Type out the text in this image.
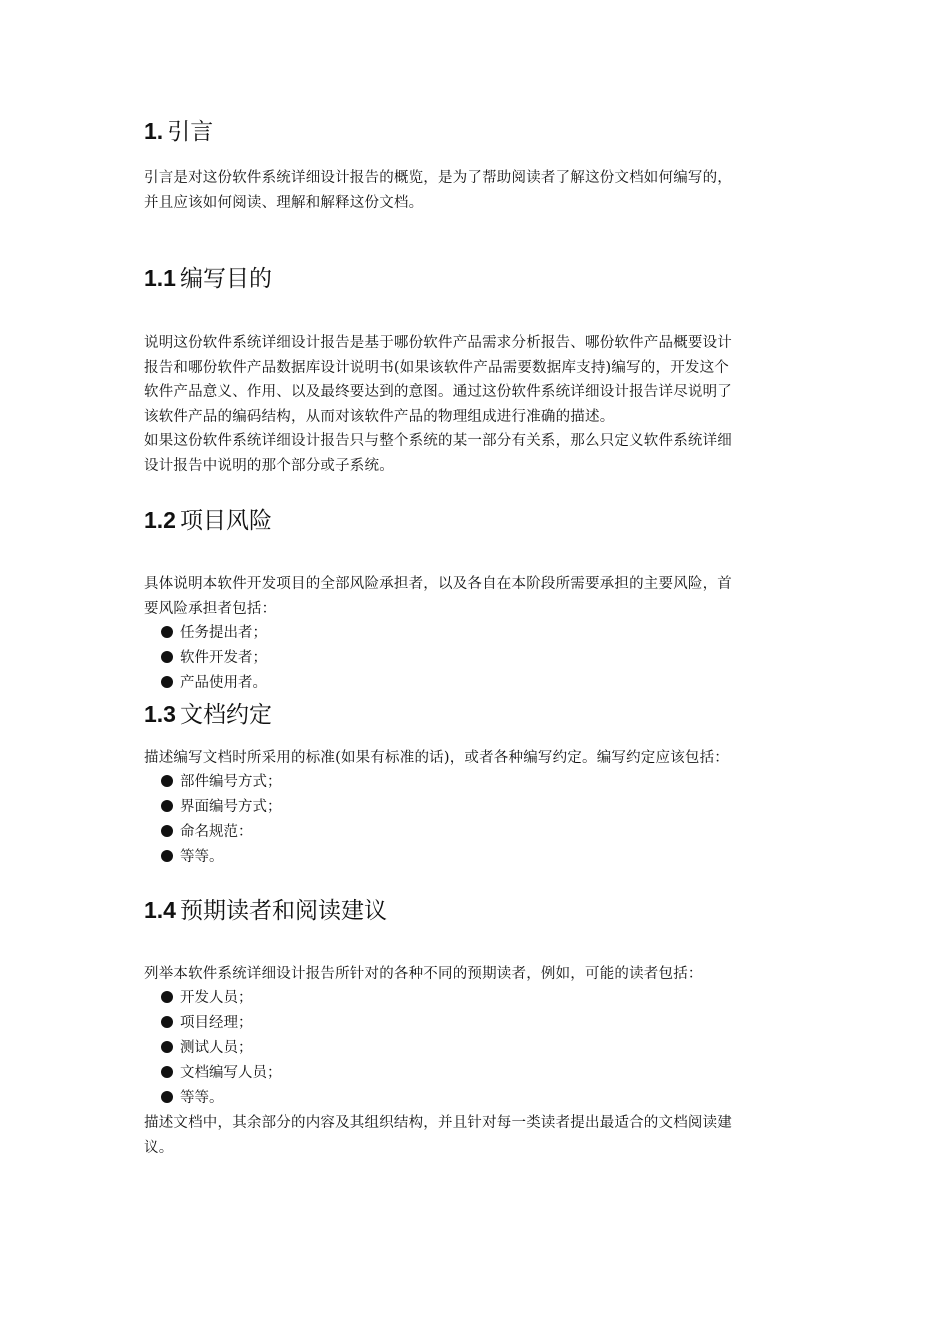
1. 引言

引言是对这份软件系统详细设计报告的概览，是为了帮助阅读者了解这份文档如何编写的，
并且应该如何阅读、理解和解释这份文档。

1.1 编写目的

说明这份软件系统详细设计报告是基于哪份软件产品需求分析报告、哪份软件产品概要设计
报告和哪份软件产品数据库设计说明书(如果该软件产品需要数据库支持)编写的，开发这个
软件产品意义、作用、以及最终要达到的意图。通过这份软件系统详细设计报告详尽说明了
该软件产品的编码结构，从而对该软件产品的物理组成进行准确的描述。
如果这份软件系统详细设计报告只与整个系统的某一部分有关系，那么只定义软件系统详细
设计报告中说明的那个部分或子系统。

1.2 项目风险

具体说明本软件开发项目的全部风险承担者，以及各自在本阶段所需要承担的主要风险，首
要风险承担者包括：

任务提出者；
软件开发者；
产品使用者。
1.3 文档约定

描述编写文档时所采用的标准(如果有标准的话)，或者各种编写约定。编写约定应该包括：

部件编号方式；
界面编号方式；
命名规范：
等等。
1.4 预期读者和阅读建议

列举本软件系统详细设计报告所针对的各种不同的预期读者，例如，可能的读者包括：

开发人员；
项目经理；
测试人员；
文档编写人员；
等等。

描述文档中，其余部分的内容及其组织结构，并且针对每一类读者提出最适合的文档阅读建
议。
